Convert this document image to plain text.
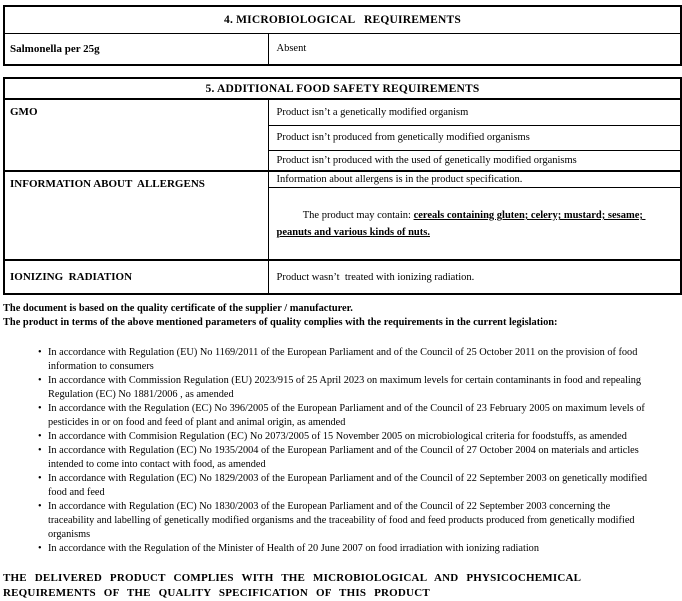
4. MICROBIOLOGICAL   REQUIREMENTS
Salmonella per 25g	Absent
5. ADDITIONAL FOOD SAFETY REQUIREMENTS	
GMO	Product isn’t a genetically modified organism
	Product isn’t produced from genetically modified organisms
	Product isn’t produced with the used of genetically modified organisms
INFORMATION ABOUT  ALLERGENS	Information about allergens is in the product specification.

The product may contain: cereals containing gluten; celery; mustard; sesame; peanuts and various kinds of nuts.

IONIZING  RADIATION	Product wasn’t  treated with ionizing radiation.

The document is based on the quality certificate of the supplier / manufacturer.

The product in terms of the above mentioned parameters of quality complies with the requirements in the current legislation:

• In accordance with Regulation (EU) No 1169/2011 of the European Parliament and of the Council of 25 October 2011 on the provision of food information to consumers
• In accordance with Commission Regulation (EU) 2023/915 of 25 April 2023 on maximum levels for certain contaminants in food and repealing Regulation (EC) No 1881/2006 , as amended
• In accordance with the Regulation (EC) No 396/2005 of the European Parliament and of the Council of 23 February 2005 on maximum levels of pesticides in or on food and feed of plant and animal origin, as amended
• In accordance with Commision Regulation (EC) No 2073/2005 of 15 November 2005 on microbiological criteria for foodstuffs, as amended
• In accordance with Regulation (EC) No 1935/2004 of the European Parliament and of the Council of 27 October 2004 on materials and articles intended to come into contact with food, as amended
• In accordance with Regulation (EC) No 1829/2003 of the European Parliament and of the Council of 22 September 2003 on genetically modified food and feed
• In accordance with Regulation (EC) No 1830/2003 of the European Parliament and of the Council of 22 September 2003 concerning the traceability and labelling of genetically modified organisms and the traceability of food and feed products produced from genetically modified organisms
• In accordance with the Regulation of the Minister of Health of 20 June 2007 on food irradiation with ionizing radiation

THE DELIVERED PRODUCT COMPLIES WITH THE MICROBIOLOGICAL AND PHYSICOCHEMICAL
REQUIREMENTS OF THE QUALITY SPECIFICATION OF THIS PRODUCT
